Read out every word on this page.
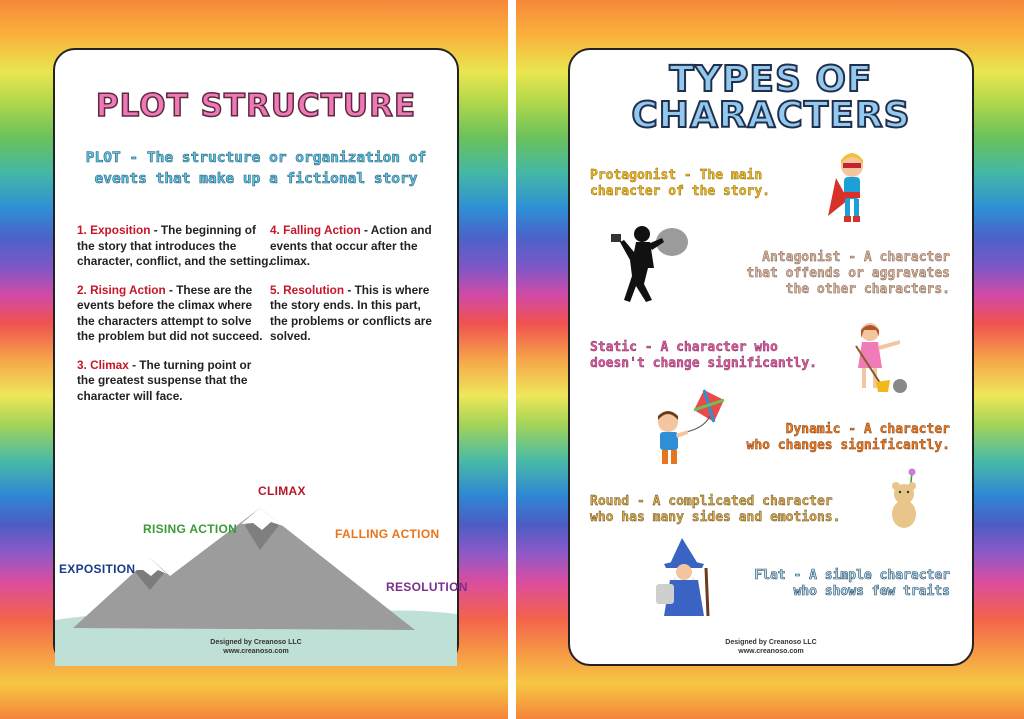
PLOT STRUCTURE
PLOT - The structure or organization of events that make up a fictional story

1. Exposition - The beginning of the story that introduces the character, conflict, and the setting.

2. Rising Action - These are the events before the climax where the characters attempt to solve the problem but did not succeed.

3. Climax - The turning point or the greatest suspense that the character will face.

4. Falling Action - Action and events that occur after the climax.

5. Resolution - This is where the story ends. In this part, the problems or conflicts are solved.

EXPOSITION
RISING ACTION
CLIMAX
FALLING ACTION
RESOLUTION
Designed by Creanoso LLC
www.creanoso.com
TYPES OF
CHARACTERS
Protagonist - The main
character of the story.
Antagonist - A character
that offends or aggravates
the other characters.
Static - A character who
doesn't change significantly.
Dynamic - A character
who changes significantly.
Round - A complicated character
who has many sides and emotions.
Flat - A simple character
who shows few traits
Designed by Creanoso LLC
www.creanoso.com
